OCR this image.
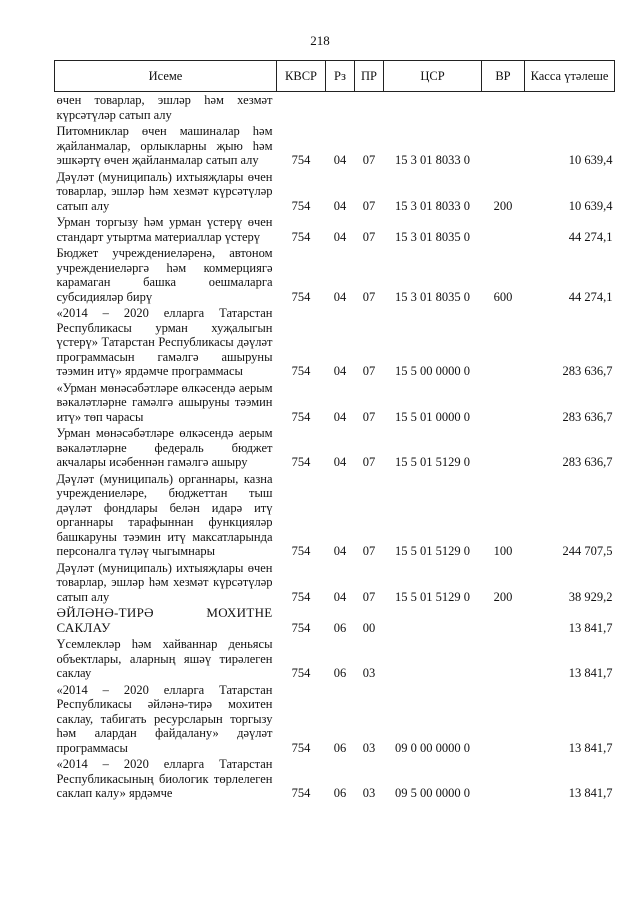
218
Исеме	КВСР	Рз	ПР	ЦСР	ВР	Касса үтәлеше
өчен товарлар, эшләр һәм хезмәт күрсәтүләр сатып алу						
Питомниклар өчен машиналар һәм җайланмалар, орлыкларны җыю һәм эшкәртү өчен җайланмалар сатып алу	754	04	07	15 3 01 8033 0		10 639,4
Дәүләт (муниципаль) ихтыяҗлары өчен товарлар, эшләр һәм хезмәт күрсәтүләр сатып алу	754	04	07	15 3 01 8033 0	200	10 639,4
Урман торгызу һәм урман үстерү өчен стандарт утыртма материаллар үстерү	754	04	07	15 3 01 8035 0		44 274,1
Бюджет учреждениеләренә, автоном учреждениеләргә һәм коммерциягә карамаган башка оешмаларга субсидияләр бирү	754	04	07	15 3 01 8035 0	600	44 274,1
«2014 – 2020 елларга Татарстан Республикасы урман хуҗалыгын үстерү» Татарстан Республикасы дәүләт программасын гамәлгә ашыруны тәэмин итү» ярдәмче программасы	754	04	07	15 5 00 0000 0		283 636,7
«Урман мөнәсәбәтләре өлкәсендә аерым вәкаләтләрне гамәлгә ашыруны тәэмин итү» төп чарасы	754	04	07	15 5 01 0000 0		283 636,7
Урман мөнәсәбәтләре өлкәсендә аерым вәкаләтләрне федераль бюджет акчалары исәбеннән гамәлгә ашыру	754	04	07	15 5 01 5129 0		283 636,7
Дәүләт (муниципаль) органнары, казна учреждениеләре, бюджеттан тыш дәүләт фондлары белән идарә итү органнары тарафыннан функцияләр башкаруны тәэмин итү максатларында персоналга түләү чыгымнары	754	04	07	15 5 01 5129 0	100	244 707,5
Дәүләт (муниципаль) ихтыяҗлары өчен товарлар, эшләр һәм хезмәт күрсәтүләр сатып алу	754	04	07	15 5 01 5129 0	200	38 929,2
ӘЙЛӘНӘ-ТИРӘ МОХИТНЕ САКЛАУ	754	06	00			13 841,7
Үсемлекләр һәм хайваннар деньясы объектлары, аларның яшәү тирәлеген саклау	754	06	03			13 841,7
«2014 – 2020 елларга Татарстан Республикасы әйләнә-тирә мохитен саклау, табигать ресурсларын торгызу һәм алардан файдалану» дәүләт программасы	754	06	03	09 0 00 0000 0		13 841,7
«2014 – 2020 елларга Татарстан Республикасының биологик төрлелеген саклап калу» ярдәмче	754	06	03	09 5 00 0000 0		13 841,7
